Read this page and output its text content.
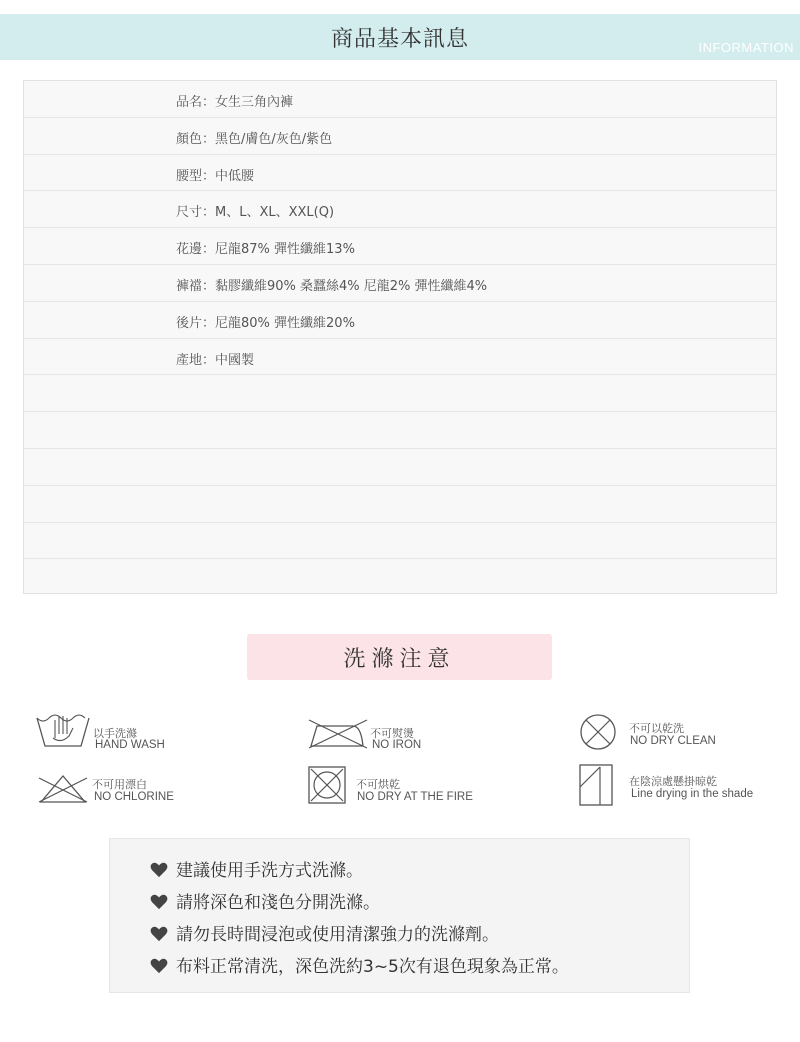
商品基本訊息	INFORMATION
品名：女生三角內褲
顏色：黑色/膚色/灰色/紫色
腰型：中低腰
尺寸：M、L、XL、XXL(Q)
花邊：尼龍87% 彈性纖維13%
褲襠：黏膠纖維90% 桑蠶絲4% 尼龍2% 彈性纖維4%
後片：尼龍80% 彈性纖維20%
產地：中國製
洗滌注意
以手洗滌
HAND WASH
不可熨燙
NO IRON
不可以乾洗
NO DRY CLEAN
不可用漂白
NO CHLORINE
不可烘乾
NO DRY AT THE FIRE
在陰涼處懸掛晾乾
Line drying in the shade
建議使用手洗方式洗滌。
請將深色和淺色分開洗滌。
請勿長時間浸泡或使用清潔強力的洗滌劑。
布料正常清洗，深色洗約3~5次有退色現象為正常。
